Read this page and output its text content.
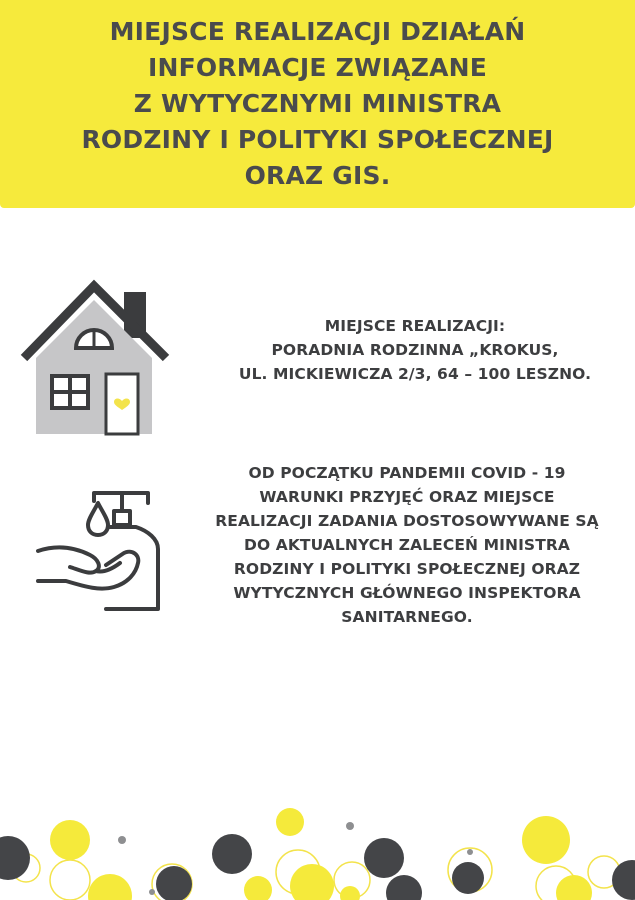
MIEJSCE REALIZACJI DZIAŁAŃ
INFORMACJE ZWIĄZANE
Z WYTYCZNYMI MINISTRA
RODZINY I POLITYKI SPOŁECZNEJ
ORAZ GIS.
MIEJSCE REALIZACJI:
PORADNIA RODZINNA „KROKUS,
UL. MICKIEWICZA 2/3, 64 – 100 LESZNO.
OD POCZĄTKU PANDEMII COVID - 19
WARUNKI PRZYJĘĆ ORAZ MIEJSCE
REALIZACJI ZADANIA DOSTOSOWYWANE SĄ
DO AKTUALNYCH ZALECEŃ MINISTRA
RODZINY I POLITYKI SPOŁECZNEJ ORAZ
WYTYCZNYCH GŁÓWNEGO INSPEKTORA
SANITARNEGO.
